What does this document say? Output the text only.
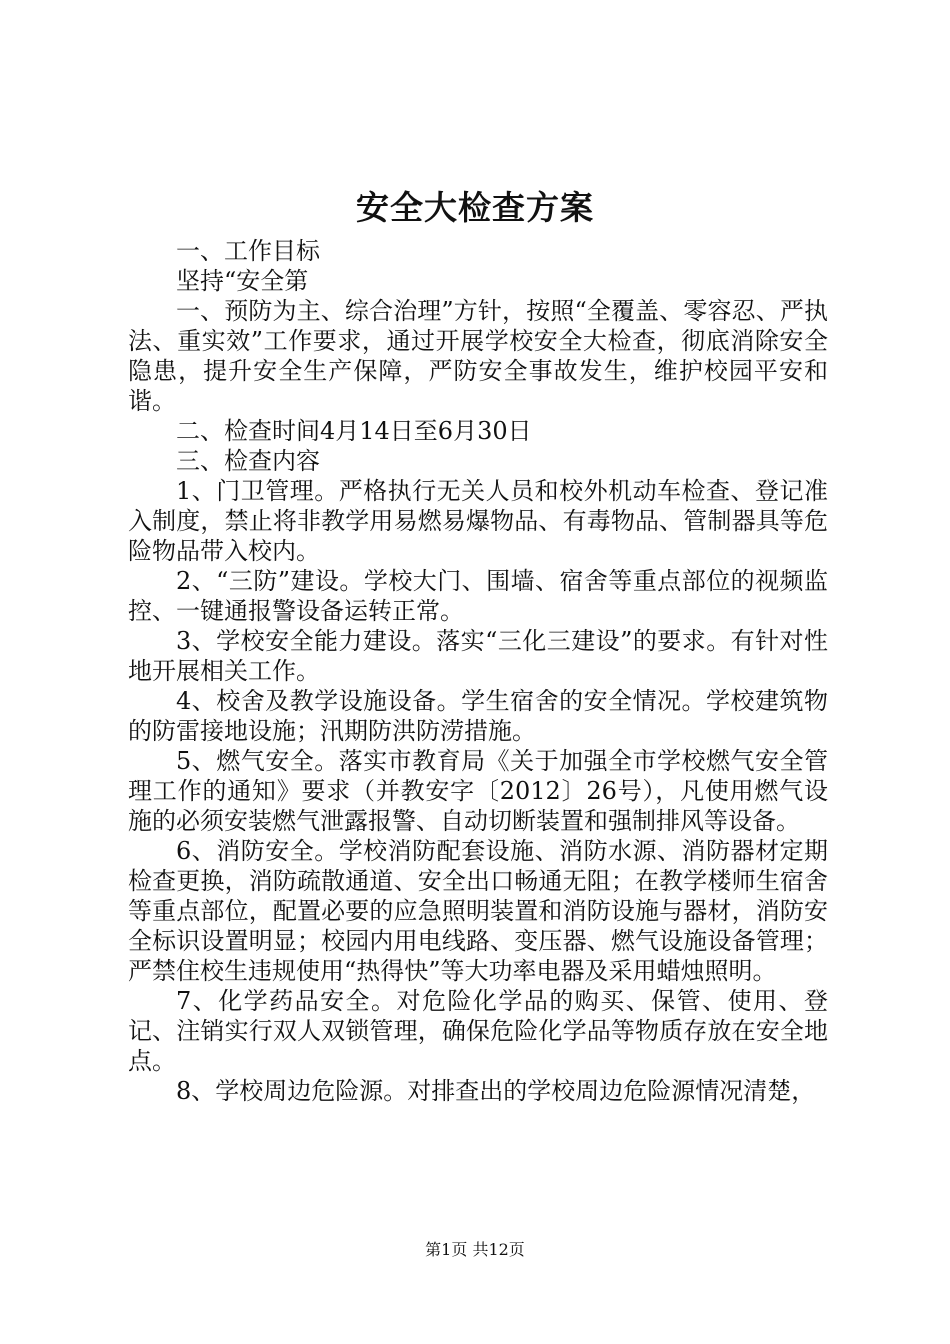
安全大检查方案

一、工作目标

坚持“安全第

一、预防为主、综合治理”方针，按照“全覆盖、零容忍、严执法、重实效”工作要求，通过开展学校安全大检查，彻底消除安全隐患，提升安全生产保障，严防安全事故发生，维护校园平安和谐。

二、检查时间4月14日至6月30日

三、检查内容

1、门卫管理。严格执行无关人员和校外机动车检查、登记准入制度，禁止将非教学用易燃易爆物品、有毒物品、管制器具等危险物品带入校内。

2、“三防”建设。学校大门、围墙、宿舍等重点部位的视频监控、一键通报警设备运转正常。

3、学校安全能力建设。落实“三化三建设”的要求。有针对性地开展相关工作。

4、校舍及教学设施设备。学生宿舍的安全情况。学校建筑物的防雷接地设施；汛期防洪防涝措施。

5、燃气安全。落实市教育局《关于加强全市学校燃气安全管理工作的通知》要求（并教安字〔2012〕26号），凡使用燃气设施的必须安装燃气泄露报警、自动切断装置和强制排风等设备。

6、消防安全。学校消防配套设施、消防水源、消防器材定期检查更换，消防疏散通道、安全出口畅通无阻；在教学楼师生宿舍等重点部位，配置必要的应急照明装置和消防设施与器材，消防安全标识设置明显；校园内用电线路、变压器、燃气设施设备管理；严禁住校生违规使用“热得快”等大功率电器及采用蜡烛照明。

7、化学药品安全。对危险化学品的购买、保管、使用、登记、注销实行双人双锁管理，确保危险化学品等物质存放在安全地点。

8、学校周边危险源。对排查出的学校周边危险源情况清楚，

第1页 共12页
